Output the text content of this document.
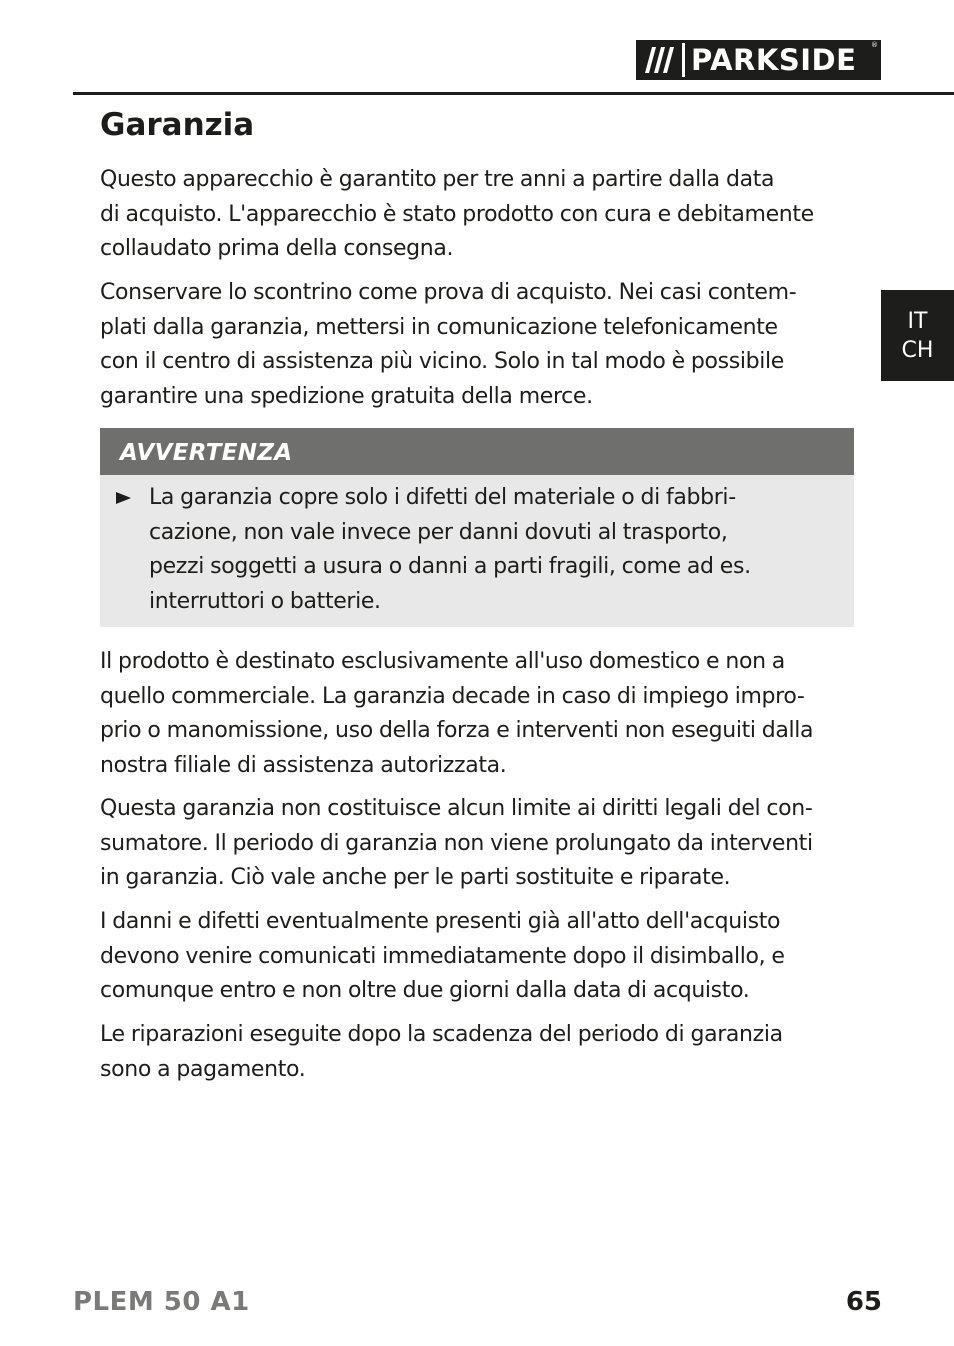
PARKSIDE	®
Garanzia
IT
CH
Questo apparecchio è garantito per tre anni a partire dalla data
di acquisto. L'apparecchio è stato prodotto con cura e debitamente
collaudato prima della consegna.
Conservare lo scontrino come prova di acquisto. Nei casi contem-
plati dalla garanzia, mettersi in comunicazione telefonicamente
con il centro di assistenza più vicino. Solo in tal modo è possibile
garantire una spedizione gratuita della merce.
AVVERTENZA
La garanzia copre solo i difetti del materiale o di fabbri-
cazione, non vale invece per danni dovuti al trasporto,
pezzi soggetti a usura o danni a parti fragili, come ad es.
interruttori o batterie.
Il prodotto è destinato esclusivamente all'uso domestico e non a
quello commerciale. La garanzia decade in caso di impiego impro-
prio o manomissione, uso della forza e interventi non eseguiti dalla
nostra filiale di assistenza autorizzata.
Questa garanzia non costituisce alcun limite ai diritti legali del con-
sumatore. Il periodo di garanzia non viene prolungato da interventi
in garanzia. Ciò vale anche per le parti sostituite e riparate.
I danni e difetti eventualmente presenti già all'atto dell'acquisto
devono venire comunicati immediatamente dopo il disimballo, e
comunque entro e non oltre due giorni dalla data di acquisto.
Le riparazioni eseguite dopo la scadenza del periodo di garanzia
sono a pagamento.
PLEM 50 A1	65
